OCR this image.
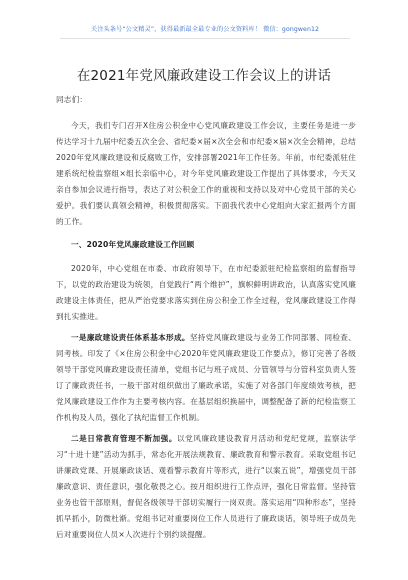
关注头条号“公文精灵”，获得最新最全最专业的公文资料库！ 微信：gongwen12
在2021年党风廉政建设工作会议上的讲话

同志们：

今天，我们专门召开X住房公积金中心党风廉政建设工作会议，主要任务是进一步传达学习十九届中纪委五次全会、省纪委×届×次全会和市纪委×届×次全会精神，总结2020年党风廉政建设和反腐败工作，安排部署2021年工作任务。年前，市纪委派驻住建系统纪检监察组×组长亲临中心，对今年党风廉政建设工作提出了具体要求，今天又亲自参加会议进行指导，表达了对公积金工作的重视和支持以及对中心党员干部的关心爱护。我们要认真领会精神，积极贯彻落实。下面我代表中心党组向大家汇报两个方面的工作。

一、2020年党风廉政建设工作回顾

2020年，中心党组在市委、市政府领导下，在市纪委派驻纪检监察组的监督指导下，以党的政治建设为统领，自觉践行“两个维护”，旗帜鲜明讲政治，认真落实党风廉政建设主体责任，把从严治党要求落实到住房公积金工作全过程，党风廉政建设工作得到扎实推进。

一是廉政建设责任体系基本形成。坚持党风廉政建设与业务工作同部署、同检查、同考核。印发了《×住房公积金中心2020年党风廉政建设工作要点》，修订完善了各级领导干部党风廉政建设责任清单，党组书记与班子成员、分管领导与分管科室负责人签订了廉政责任书，一般干部对组织做出了廉政承诺，实施了对各部门年度绩效考核，把党风廉政建设工作作为主要考核内容。在基层组织换届中，调整配备了新的纪检监察工作机构及人员，强化了执纪监督工作机制。

二是日常教育管理不断加强。以党风廉政建设教育月活动和党纪党规，监察法学习“十进十建”活动为抓手，常态化开展法规教育、廉政教育和警示教育。采取党组书记讲廉政党课、开展廉政谈话、观看警示教育片等形式，进行“以案五说”，增强党员干部廉政意识、责任意识，强化敬畏之心。按月组织进行工作点评，强化日常监督。坚持管业务也管干部原则，督促各级领导干部切实履行一岗双责。落实运用“四种形态”，坚持抓早抓小，防微杜渐。党组书记对重要岗位工作人员进行了廉政谈话，领导班子成员先后对重要岗位人员×人次进行个别约谈提醒。
